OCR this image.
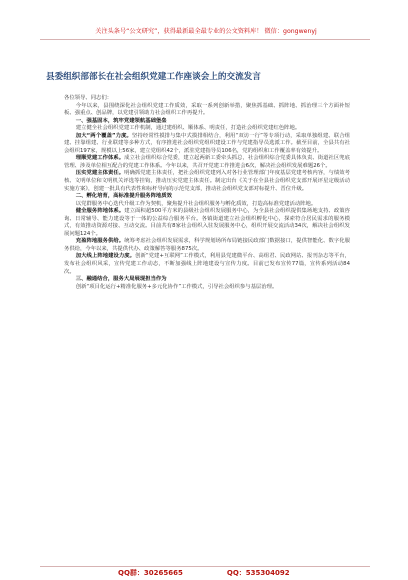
关注头条号“公文研究”，获得最新最全最专业的公文资料库！ 微信：gongwenyj
县委组织部部长在社会组织党建工作座谈会上的交流发言

各位领导、同志们：

今年以来，县围绕深化社会组织党建工作质效，采取一系列创新举措，聚焦抓基础、抓阵地、抓治理三个方面补短板、强重点、创品牌，以党建引领助力社会组织工作再提升。

一、强基固本，筑牢党建领航基础堡垒

建立健全社会组织党建工作机制，通过建组织、顺体系、明责任，打造社会组织党建红色阵地。

加大“两个覆盖”力度。坚持经常性摸排与集中式摸排相结合，利用“双访一行”等专项行动，采取单独组建、联合组建、挂靠组建、行业联建等多种方式，有序推进社会组织党组织建设工作与党建指导员选派工作。截至目前，全县共有社会组织197家，规模以上56家，建立党组织42个，派驻党建指导员106名，党的组织和工作覆盖率有效提升。

理顺党建工作体系。成立社会组织综合党委，建立起两新工委牵头抓总，社会组织综合党委具体负责、街道社区兜底管理、涉及单位相互配合的党建工作体系。今年以来，共召开党建工作推进会6次，解决社会组织发展难题26个。

压实党建主体责任。明确抓党建主体责任，把社会组织党建列入对各行业管理部门年度基层党建考核内容，与绩效考核、文明单位和文明机关评选等挂钩，推动压实党建主体责任。制定出台《关于在全县社会组织党支部开展评星定级活动实施方案》，创建一批具有代表性和标杆导向的示范党支部，推动社会组织党支部对标提升、晋位升级。

二、孵化培育，高标准提升服务阵地质效

以党群服务中心迭代升级工作为契机，聚焦提升社会组织服务与孵化质效，打造高标准党建活动阵地。

健全服务阵地体系。建立面积超500平方米的县级社会组织发展服务中心，为全县社会组织提供集场地支持、政策咨询、日常辅导、能力建设等于一体的公益综合服务平台。各镇街道建立社会组织孵化中心，探索符合居民需求的服务模式，有效推动资源对接、互动交流。目前共有8家社会组织入驻发展服务中心，组织开展交流活动34次，解决社会组织发展问题124个。

充盈阵地服务供给。统筹考虑社会组织发展需求，科学规划场所布局链接民政部门数据接口，提供智能化、数字化服务供给，今年以来，共提供代办、政策解答等服务875次。

加大线上阵地建设力度。创新“党建+互联网”工作模式，利用县党建微平台、高组君、民政网站、报刊杂志等平台，发布社会组织风采，宣传党建工作动态，不断加强线上阵地建设与宣传力度。目前已发布宣传77篇，宣传系列活动84次。

三、融通结合，服务大局展现担当作为

创新“项目化运行+精准化服务+多元化协作”工作模式，引导社会组织参与基层治理。

QQ群：30265665	QQ：535304092
